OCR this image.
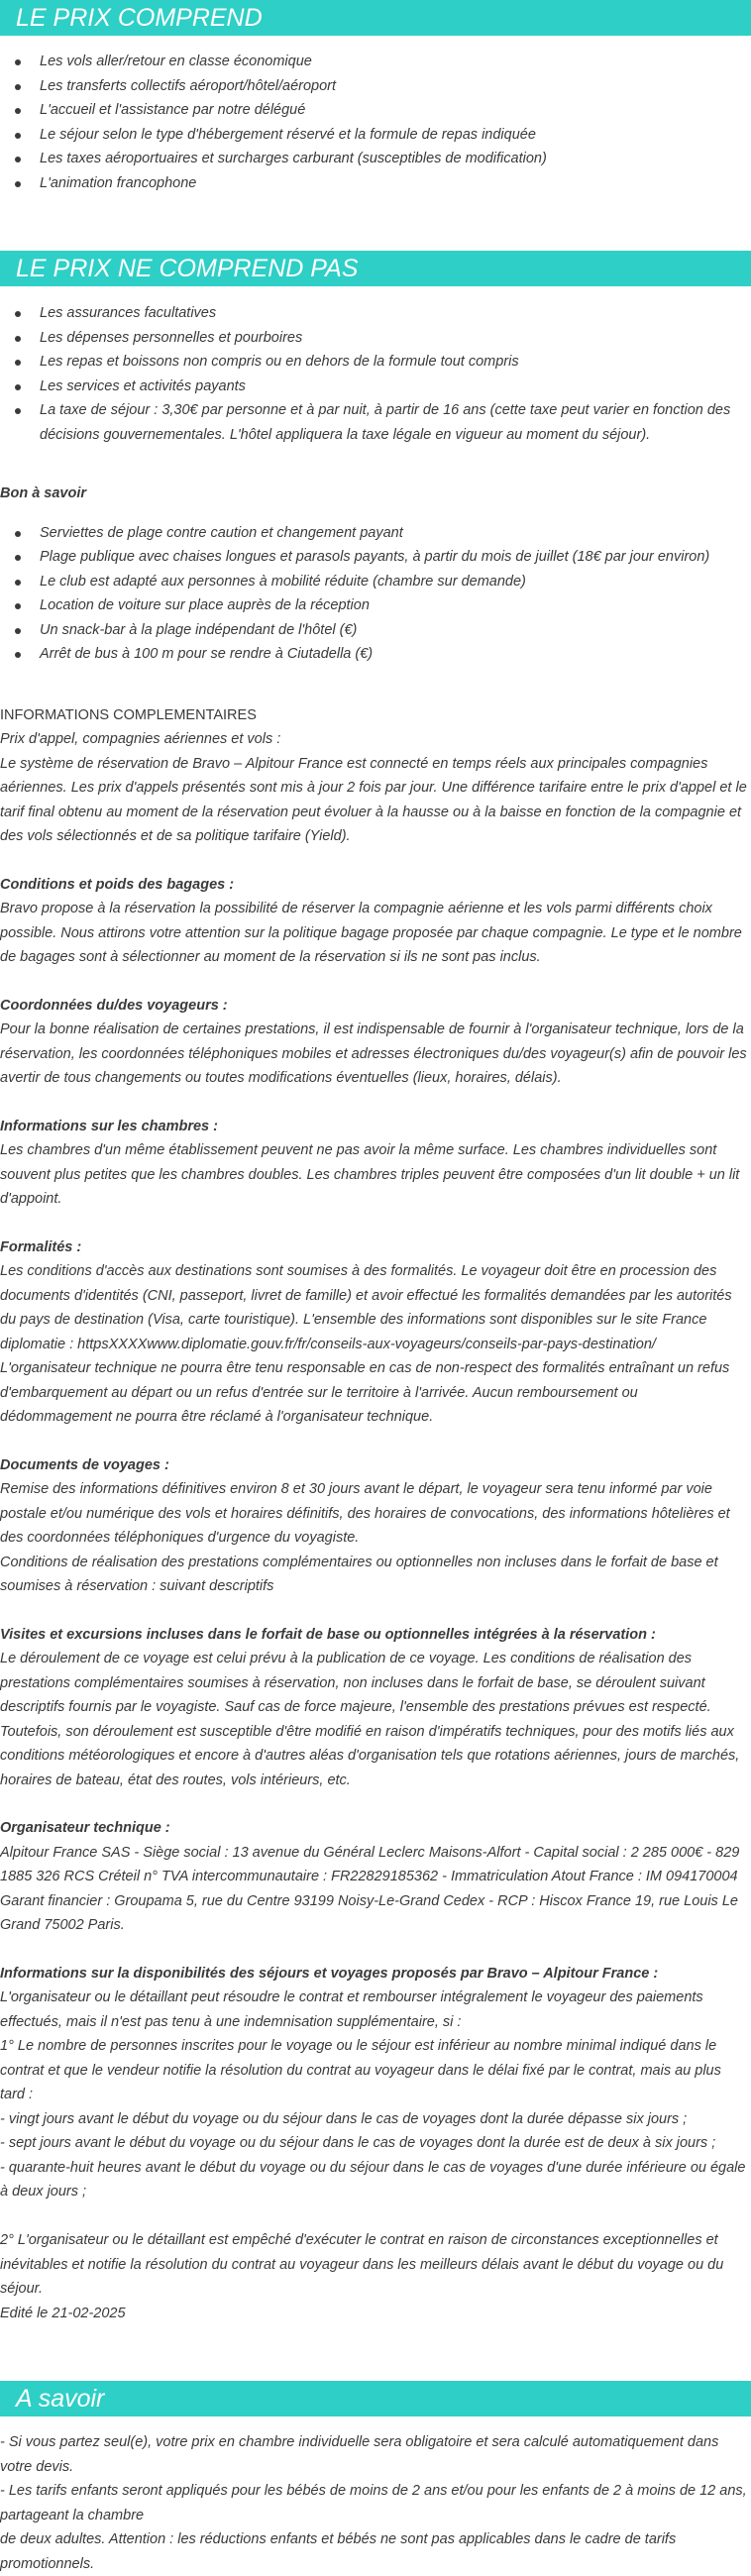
LE PRIX COMPREND
Les vols aller/retour en classe économique
Les transferts collectifs aéroport/hôtel/aéroport
L'accueil et l'assistance par notre délégué
Le séjour selon le type d'hébergement réservé et la formule de repas indiquée
Les taxes aéroportuaires et surcharges carburant (susceptibles de modification)
L'animation francophone
LE PRIX NE COMPREND PAS
Les assurances facultatives
Les dépenses personnelles et pourboires
Les repas et boissons non compris ou en dehors de la formule tout compris
Les services et activités payants
La taxe de séjour : 3,30€ par personne et à par nuit, à partir de 16 ans (cette taxe peut varier en fonction des décisions gouvernementales. L'hôtel appliquera la taxe légale en vigueur au moment du séjour).
Bon à savoir
Serviettes de plage contre caution et changement payant
Plage publique avec chaises longues et parasols payants, à partir du mois de juillet (18€ par jour environ)
Le club est adapté aux personnes à mobilité réduite (chambre sur demande)
Location de voiture sur place auprès de la réception
Un snack-bar à la plage indépendant de l'hôtel (€)
Arrêt de bus à 100 m pour se rendre à Ciutadella (€)
INFORMATIONS COMPLEMENTAIRES
Prix d'appel, compagnies aériennes et vols :
Le système de réservation de Bravo – Alpitour France est connecté en temps réels aux principales compagnies aériennes. Les prix d'appels présentés sont mis à jour 2 fois par jour. Une différence tarifaire entre le prix d'appel et le tarif final obtenu au moment de la réservation peut évoluer à la hausse ou à la baisse en fonction de la compagnie et des vols sélectionnés et de sa politique tarifaire (Yield).
Conditions et poids des bagages :
Bravo propose à la réservation la possibilité de réserver la compagnie aérienne et les vols parmi différents choix possible. Nous attirons votre attention sur la politique bagage proposée par chaque compagnie. Le type et le nombre de bagages sont à sélectionner au moment de la réservation si ils ne sont pas inclus.
Coordonnées du/des voyageurs :
Pour la bonne réalisation de certaines prestations, il est indispensable de fournir à l'organisateur technique, lors de la réservation, les coordonnées téléphoniques mobiles et adresses électroniques du/des voyageur(s) afin de pouvoir les avertir de tous changements ou toutes modifications éventuelles (lieux, horaires, délais).
Informations sur les chambres :
Les chambres d'un même établissement peuvent ne pas avoir la même surface. Les chambres individuelles sont souvent plus petites que les chambres doubles. Les chambres triples peuvent être composées d'un lit double + un lit d'appoint.
Formalités :
Les conditions d'accès aux destinations sont soumises à des formalités. Le voyageur doit être en procession des documents d'identités (CNI, passeport, livret de famille) et avoir effectué les formalités demandées par les autorités du pays de destination (Visa, carte touristique). L'ensemble des informations sont disponibles sur le site France diplomatie : httpsXXXXwww.diplomatie.gouv.fr/fr/conseils-aux-voyageurs/conseils-par-pays-destination/
L'organisateur technique ne pourra être tenu responsable en cas de non-respect des formalités entraînant un refus d'embarquement au départ ou un refus d'entrée sur le territoire à l'arrivée. Aucun remboursement ou dédommagement ne pourra être réclamé à l'organisateur technique.
Documents de voyages :
Remise des informations définitives environ 8 et 30 jours avant le départ, le voyageur sera tenu informé par voie postale et/ou numérique des vols et horaires définitifs, des horaires de convocations, des informations hôtelières et des coordonnées téléphoniques d'urgence du voyagiste.
Conditions de réalisation des prestations complémentaires ou optionnelles non incluses dans le forfait de base et soumises à réservation : suivant descriptifs
Visites et excursions incluses dans le forfait de base ou optionnelles intégrées à la réservation :
Le déroulement de ce voyage est celui prévu à la publication de ce voyage. Les conditions de réalisation des prestations complémentaires soumises à réservation, non incluses dans le forfait de base, se déroulent suivant descriptifs fournis par le voyagiste. Sauf cas de force majeure, l'ensemble des prestations prévues est respecté. Toutefois, son déroulement est susceptible d'être modifié en raison d'impératifs techniques, pour des motifs liés aux conditions météorologiques et encore à d'autres aléas d'organisation tels que rotations aériennes, jours de marchés, horaires de bateau, état des routes, vols intérieurs, etc.
Organisateur technique :
Alpitour France SAS - Siège social : 13 avenue du Général Leclerc Maisons-Alfort - Capital social : 2 285 000€ - 829 1885 326 RCS Créteil n° TVA intercommunautaire : FR22829185362 - Immatriculation Atout France : IM 094170004 Garant financier : Groupama 5, rue du Centre 93199 Noisy-Le-Grand Cedex - RCP : Hiscox France 19, rue Louis Le Grand 75002 Paris.
Informations sur la disponibilités des séjours et voyages proposés par Bravo – Alpitour France :
L'organisateur ou le détaillant peut résoudre le contrat et rembourser intégralement le voyageur des paiements effectués, mais il n'est pas tenu à une indemnisation supplémentaire, si :
1° Le nombre de personnes inscrites pour le voyage ou le séjour est inférieur au nombre minimal indiqué dans le contrat et que le vendeur notifie la résolution du contrat au voyageur dans le délai fixé par le contrat, mais au plus tard :
- vingt jours avant le début du voyage ou du séjour dans le cas de voyages dont la durée dépasse six jours ;
- sept jours avant le début du voyage ou du séjour dans le cas de voyages dont la durée est de deux à six jours ;
- quarante-huit heures avant le début du voyage ou du séjour dans le cas de voyages d'une durée inférieure ou égale à deux jours ;
2° L'organisateur ou le détaillant est empêché d'exécuter le contrat en raison de circonstances exceptionnelles et inévitables et notifie la résolution du contrat au voyageur dans les meilleurs délais avant le début du voyage ou du séjour.
Edité le 21-02-2025
A savoir
- Si vous partez seul(e), votre prix en chambre individuelle sera obligatoire et sera calculé automatiquement dans votre devis.
- Les tarifs enfants seront appliqués pour les bébés de moins de 2 ans et/ou pour les enfants de 2 à moins de 12 ans, partageant la chambre
de deux adultes. Attention : les réductions enfants et bébés ne sont pas applicables dans le cadre de tarifs promotionnels.
